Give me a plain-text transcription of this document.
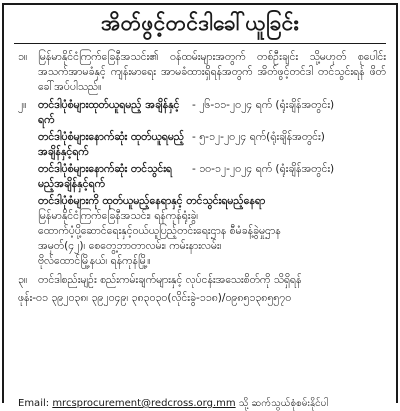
အိတ်ဖွင့်တင်ဒါခေါ်ယူခြင်း
၁။	မြန်မာနိုင်ငံကြက်ခြေနီအသင်း၏ ဝန်ထမ်းများအတွက် တစ်ဦးချင်း သို့မဟုတ် စုပေါင်းအသက်အာမခံနှင့် ကျန်းမာရေး အာမခံထားရှိရန်အတွက် အိတ်ဖွင့်တင်ဒါ တင်သွင်းရန် ဖိတ်ခေါ်အပ်ပါသည်။
၂။	တင်ဒါပုံစံများထုတ်ယူရမည့် အချိန်နှင့်ရက်
- ၂၆-၁၁-၂၀၂၄ ရက် (ရုံးချိန်အတွင်း)
တင်ဒါပုံစံများနောက်ဆုံး ထုတ်ယူရမည့်အချိန်နှင့်ရက်
- ၅-၁၂-၂၀၂၄ ရက်(ရုံးချိန်အတွင်း)
တင်ဒါပုံစံများနောက်ဆုံး တင်သွင်းရမည့်အချိန်နှင့်ရက်
- ၁၀-၁၂-၂၀၂၄ ရက် (ရုံးချိန်အတွင်း)
တင်ဒါပုံစံများကို ထုတ်ယူမည့်နေရာနှင့် တင်သွင်းရမည့်နေရာ
မြန်မာနိုင်ငံကြက်ခြေနီအသင်း၊ ရန်ကုန်ရုံးခွဲ၊
ထောက်ပံ့ပို့ဆောင်ရေးနှင့်ဝယ်ယူပြည့်တင်းရေးဌာန စီမံခန့်ခွဲမှုဌာန
အမှတ်(၄၂)၊ စေတွေ့ဘာတာလမ်း၊ ကမ်းနားလမ်း၊
ဗိုလ်ထောင်မြို့နယ်၊ ရန်ကုန်မြို့။
၃။	တင်ဒါစည်းမျဉ်း စည်းကမ်းချက်များနှင့် လုပ်ငန်းအသေးစိတ်ကို သိရှိရန်
ဖုန်း-၀၁ ၃၉၂၀၃၈၊ ၃၉၂၀၄၉၊ ၃၈၃၀၃၀(လိုင်းခွဲ-၁၁၈)/၀၉၈၅၁၃၈၅၅၇၀
Email: mrcsprocurement@redcross.org.mm သို့ ဆက်သွယ်စုံစမ်းနိုင်ပါ
